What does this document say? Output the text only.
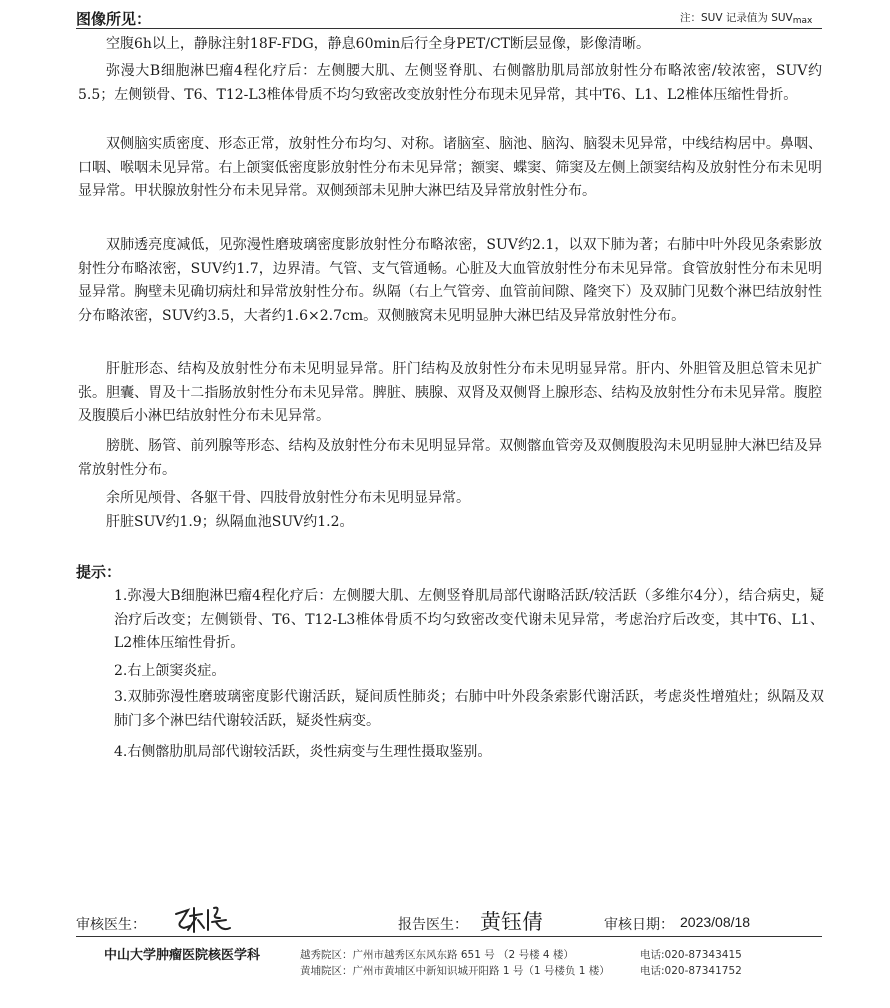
图像所见：	注：SUV 记录值为 $SUV_{max}$

空腹6h以上，静脉注射18F-FDG，静息60min后行全身PET/CT断层显像，影像清晰。

弥漫大B细胞淋巴瘤4程化疗后：左侧腰大肌、左侧竖脊肌、右侧髂肋肌局部放射性分布略浓密/较浓密，SUV约5.5；左侧锁骨、T6、T12-L3椎体骨质不均匀致密改变放射性分布现未见异常，其中T6、L1、L2椎体压缩性骨折。

双侧脑实质密度、形态正常，放射性分布均匀、对称。诸脑室、脑池、脑沟、脑裂未见异常，中线结构居中。鼻咽、口咽、喉咽未见异常。右上颌窦低密度影放射性分布未见异常；额窦、蝶窦、筛窦及左侧上颌窦结构及放射性分布未见明显异常。甲状腺放射性分布未见异常。双侧颈部未见肿大淋巴结及异常放射性分布。

双肺透亮度减低，见弥漫性磨玻璃密度影放射性分布略浓密，SUV约2.1，以双下肺为著；右肺中叶外段见条索影放射性分布略浓密，SUV约1.7，边界清。气管、支气管通畅。心脏及大血管放射性分布未见异常。食管放射性分布未见明显异常。胸壁未见确切病灶和异常放射性分布。纵隔（右上气管旁、血管前间隙、隆突下）及双肺门见数个淋巴结放射性分布略浓密，SUV约3.5，大者约1.6×2.7cm。双侧腋窝未见明显肿大淋巴结及异常放射性分布。

肝脏形态、结构及放射性分布未见明显异常。肝门结构及放射性分布未见明显异常。肝内、外胆管及胆总管未见扩张。胆囊、胃及十二指肠放射性分布未见异常。脾脏、胰腺、双肾及双侧肾上腺形态、结构及放射性分布未见异常。腹腔及腹膜后小淋巴结放射性分布未见异常。

膀胱、肠管、前列腺等形态、结构及放射性分布未见明显异常。双侧髂血管旁及双侧腹股沟未见明显肿大淋巴结及异常放射性分布。

余所见颅骨、各躯干骨、四肢骨放射性分布未见明显异常。

肝脏SUV约1.9；纵隔血池SUV约1.2。

提示：

1.弥漫大B细胞淋巴瘤4程化疗后：左侧腰大肌、左侧竖脊肌局部代谢略活跃/较活跃（多维尔4分），结合病史，疑治疗后改变；左侧锁骨、T6、T12-L3椎体骨质不均匀致密改变代谢未见异常，考虑治疗后改变，其中T6、L1、L2椎体压缩性骨折。

2.右上颌窦炎症。

3.双肺弥漫性磨玻璃密度影代谢活跃，疑间质性肺炎；右肺中叶外段条索影代谢活跃，考虑炎性增殖灶；纵隔及双肺门多个淋巴结代谢较活跃，疑炎性病变。

4.右侧髂肋肌局部代谢较活跃，炎性病变与生理性摄取鉴别。

审核医生：	报告医生： 黄钰倩	审核日期： 2023/08/18
中山大学肿瘤医院核医学科	越秀院区：广州市越秀区东风东路 651 号 （2 号楼 4 楼）	电话:020-87343415
黄埔院区：广州市黄埔区中新知识城开阳路 1 号（1 号楼负 1 楼）	电话:020-87341752
